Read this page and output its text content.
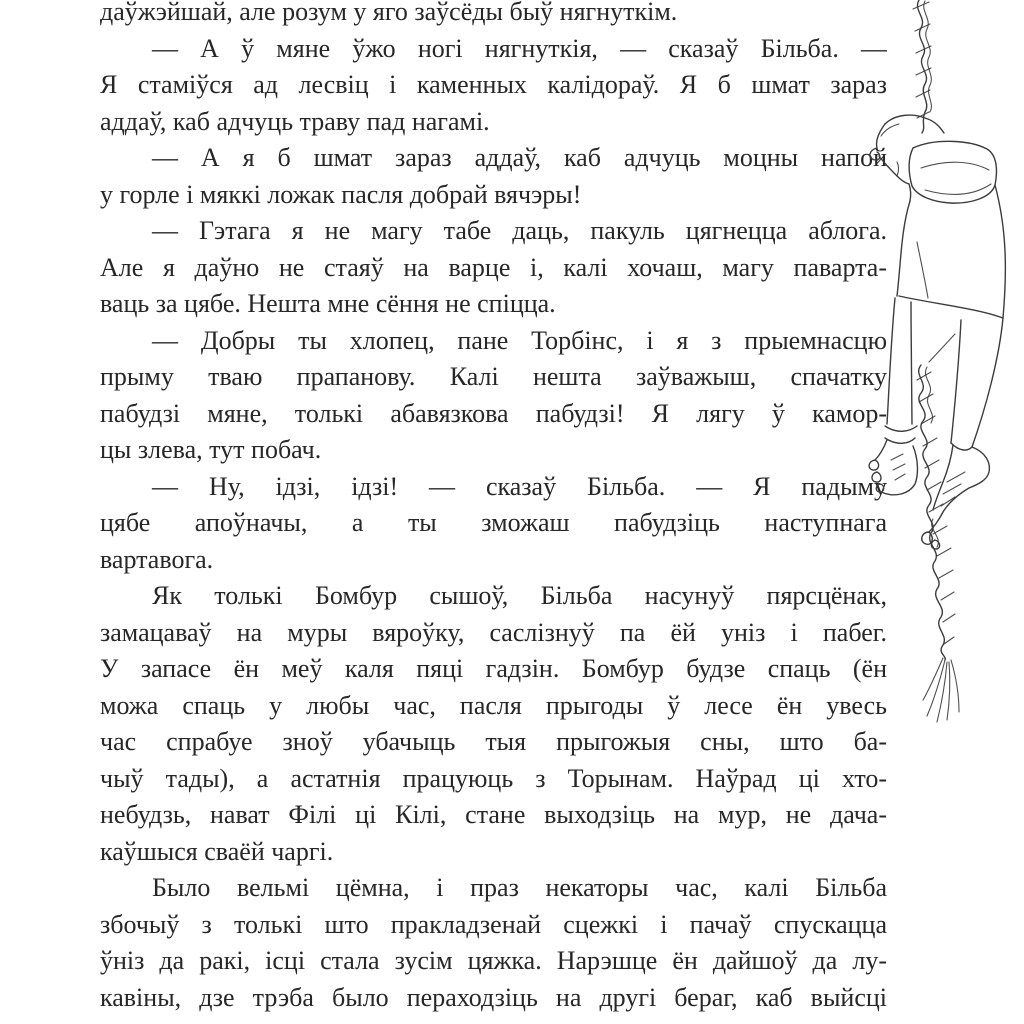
даўжэйшай, але розум у яго заўсёды быў нягнуткім.
— А ў мяне ўжо ногі нягнуткія, — сказаў Більба. —
Я стаміўся ад лесвіц і каменных калідораў. Я б шмат зараз
аддаў, каб адчуць траву пад нагамі.
— А я б шмат зараз аддаў, каб адчуць моцны напой
у горле і мяккі ложак пасля добрай вячэры!
— Гэтага я не магу табе даць, пакуль цягнецца аблога.
Але я даўно не стаяў на варце і, калі хочаш, магу паварта-
ваць за цябе. Нешта мне сёння не спіцца.
— Добры ты хлопец, пане Торбінс, і я з прыемнасцю
прыму тваю прапанову. Калі нешта заўважыш, спачатку
пабудзі мяне, толькі абавязкова пабудзі! Я лягу ў камор-
цы злева, тут побач.
— Ну, ідзі, ідзі! — сказаў Більба. — Я падыму
цябе апоўначы, а ты зможаш пабудзіць наступнага
вартавога.
Як толькі Бомбур сышоў, Більба насунуў пярсцёнак,
замацаваў на муры вяроўку, саслізнуў па ёй уніз і пабег.
У запасе ён меў каля пяці гадзін. Бомбур будзе спаць (ён
можа спаць у любы час, пасля прыгоды ў лесе ён увесь
час спрабуе зноў убачыць тыя прыгожыя сны, што ба-
чыў тады), а астатнія працуюць з Торынам. Наўрад ці хто-
небудзь, нават Філі ці Кілі, стане выходзіць на мур, не дача-
каўшыся сваёй чаргі.
Было вельмі цёмна, і праз некаторы час, калі Більба
збочыў з толькі што пракладзенай сцежкі і пачаў спускацца
ўніз да ракі, ісці стала зусім цяжка. Нарэшце ён дайшоў да лу-
кавіны, дзе трэба было пераходзіць на другі бераг, каб выйсці
